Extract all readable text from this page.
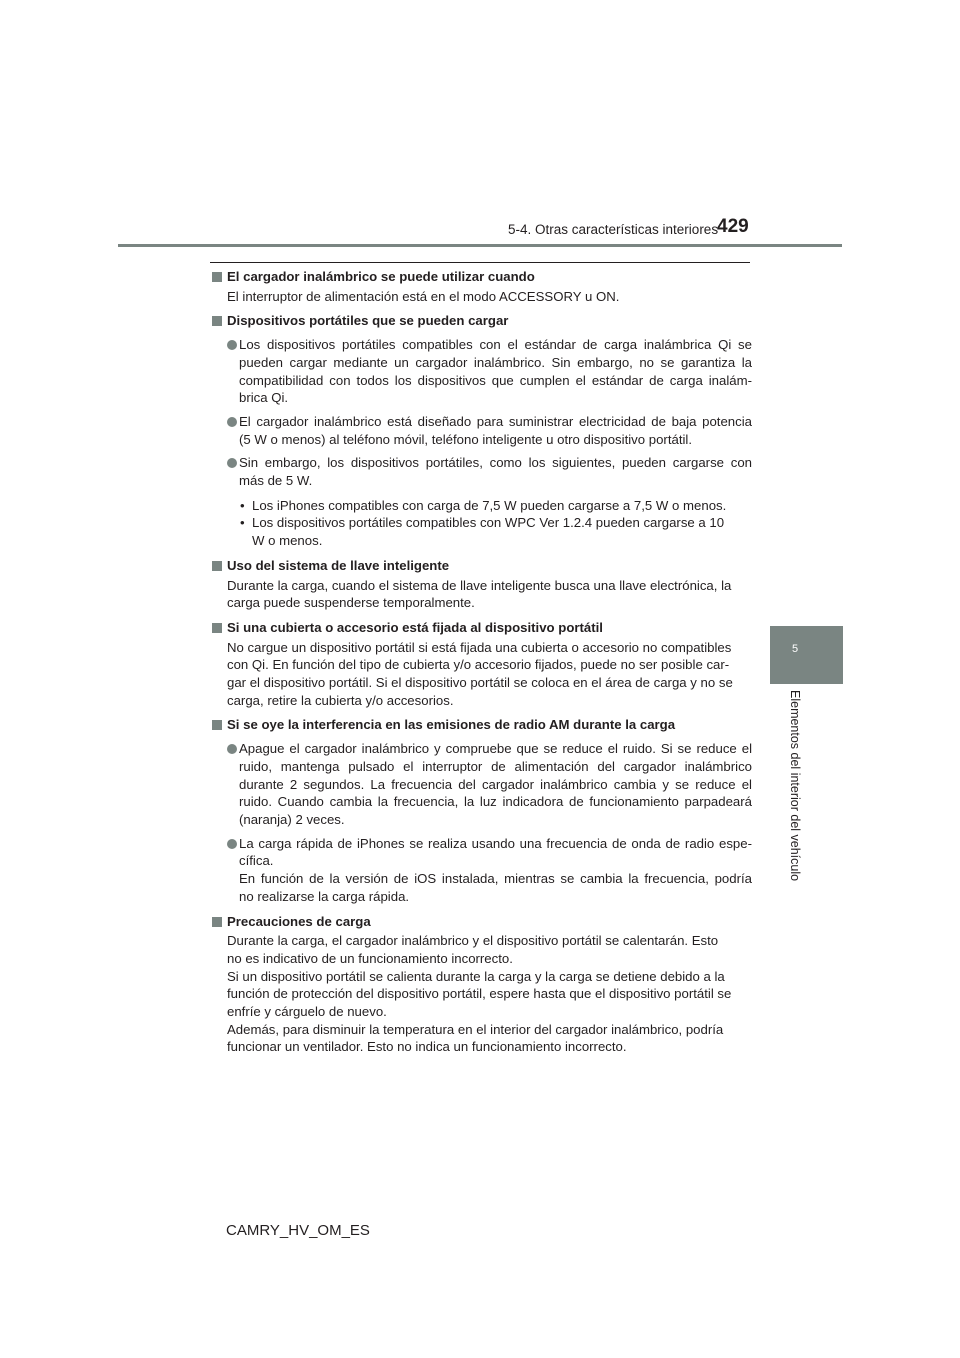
5-4. Otras características interiores
429
5
Elementos del interior del vehículo
El cargador inalámbrico se puede utilizar cuando
El interruptor de alimentación está en el modo ACCESSORY u ON.
Dispositivos portátiles que se pueden cargar
Los dispositivos portátiles compatibles con el estándar de carga inalámbrica Qi se
pueden cargar mediante un cargador inalámbrico. Sin embargo, no se garantiza la
compatibilidad con todos los dispositivos que cumplen el estándar de carga inalám-
brica Qi.
El cargador inalámbrico está diseñado para suministrar electricidad de baja potencia
(5 W o menos) al teléfono móvil, teléfono inteligente u otro dispositivo portátil.
Sin embargo, los dispositivos portátiles, como los siguientes, pueden cargarse con
más de 5 W.
• Los iPhones compatibles con carga de 7,5 W pueden cargarse a 7,5 W o menos.
• Los dispositivos portátiles compatibles con WPC Ver 1.2.4 pueden cargarse a 10
W o menos.
Uso del sistema de llave inteligente
Durante la carga, cuando el sistema de llave inteligente busca una llave electrónica, la
carga puede suspenderse temporalmente.
Si una cubierta o accesorio está fijada al dispositivo portátil
No cargue un dispositivo portátil si está fijada una cubierta o accesorio no compatibles
con Qi. En función del tipo de cubierta y/o accesorio fijados, puede no ser posible car-
gar el dispositivo portátil. Si el dispositivo portátil se coloca en el área de carga y no se
carga, retire la cubierta y/o accesorios.
Si se oye la interferencia en las emisiones de radio AM durante la carga
Apague el cargador inalámbrico y compruebe que se reduce el ruido. Si se reduce el
ruido, mantenga pulsado el interruptor de alimentación del cargador inalámbrico
durante 2 segundos. La frecuencia del cargador inalámbrico cambia y se reduce el
ruido. Cuando cambia la frecuencia, la luz indicadora de funcionamiento parpadeará
(naranja) 2 veces.
La carga rápida de iPhones se realiza usando una frecuencia de onda de radio espe-
cífica.
En función de la versión de iOS instalada, mientras se cambia la frecuencia, podría
no realizarse la carga rápida.
Precauciones de carga
Durante la carga, el cargador inalámbrico y el dispositivo portátil se calentarán. Esto
no es indicativo de un funcionamiento incorrecto.
Si un dispositivo portátil se calienta durante la carga y la carga se detiene debido a la
función de protección del dispositivo portátil, espere hasta que el dispositivo portátil se
enfríe y cárguelo de nuevo.
Además, para disminuir la temperatura en el interior del cargador inalámbrico, podría
funcionar un ventilador. Esto no indica un funcionamiento incorrecto.
CAMRY_HV_OM_ES
